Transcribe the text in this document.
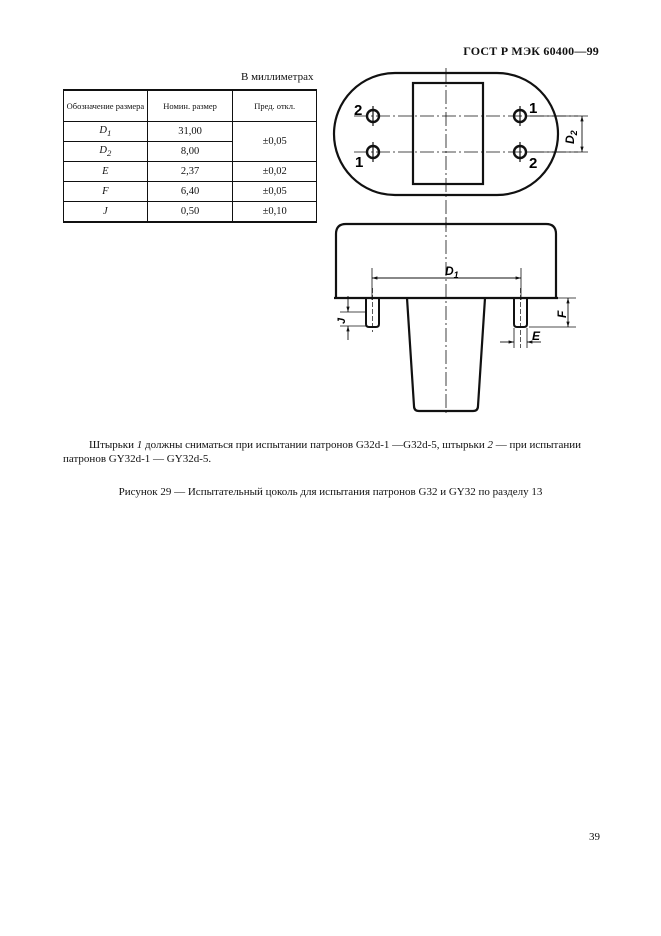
ГОСТ Р МЭК 60400—99
В миллиметрах
Обозначение размера	Номин. размер	Пред. откл.
$D_1$	31,00	±0,05
$D_2$	8,00	
E	2,37	±0,02
F	6,40	±0,05
J	0,50	±0,10
2	1
1	2
$D_2$
$D_1$
F
E
J
Штырьки 1 должны сниматься при испытании патронов G32d-1 —G32d-5, штырьки 2 — при испытании патронов GY32d-1 — GY32d-5.
Рисунок 29 — Испытательный цоколь для испытания патронов G32 и GY32 по разделу 13
39
